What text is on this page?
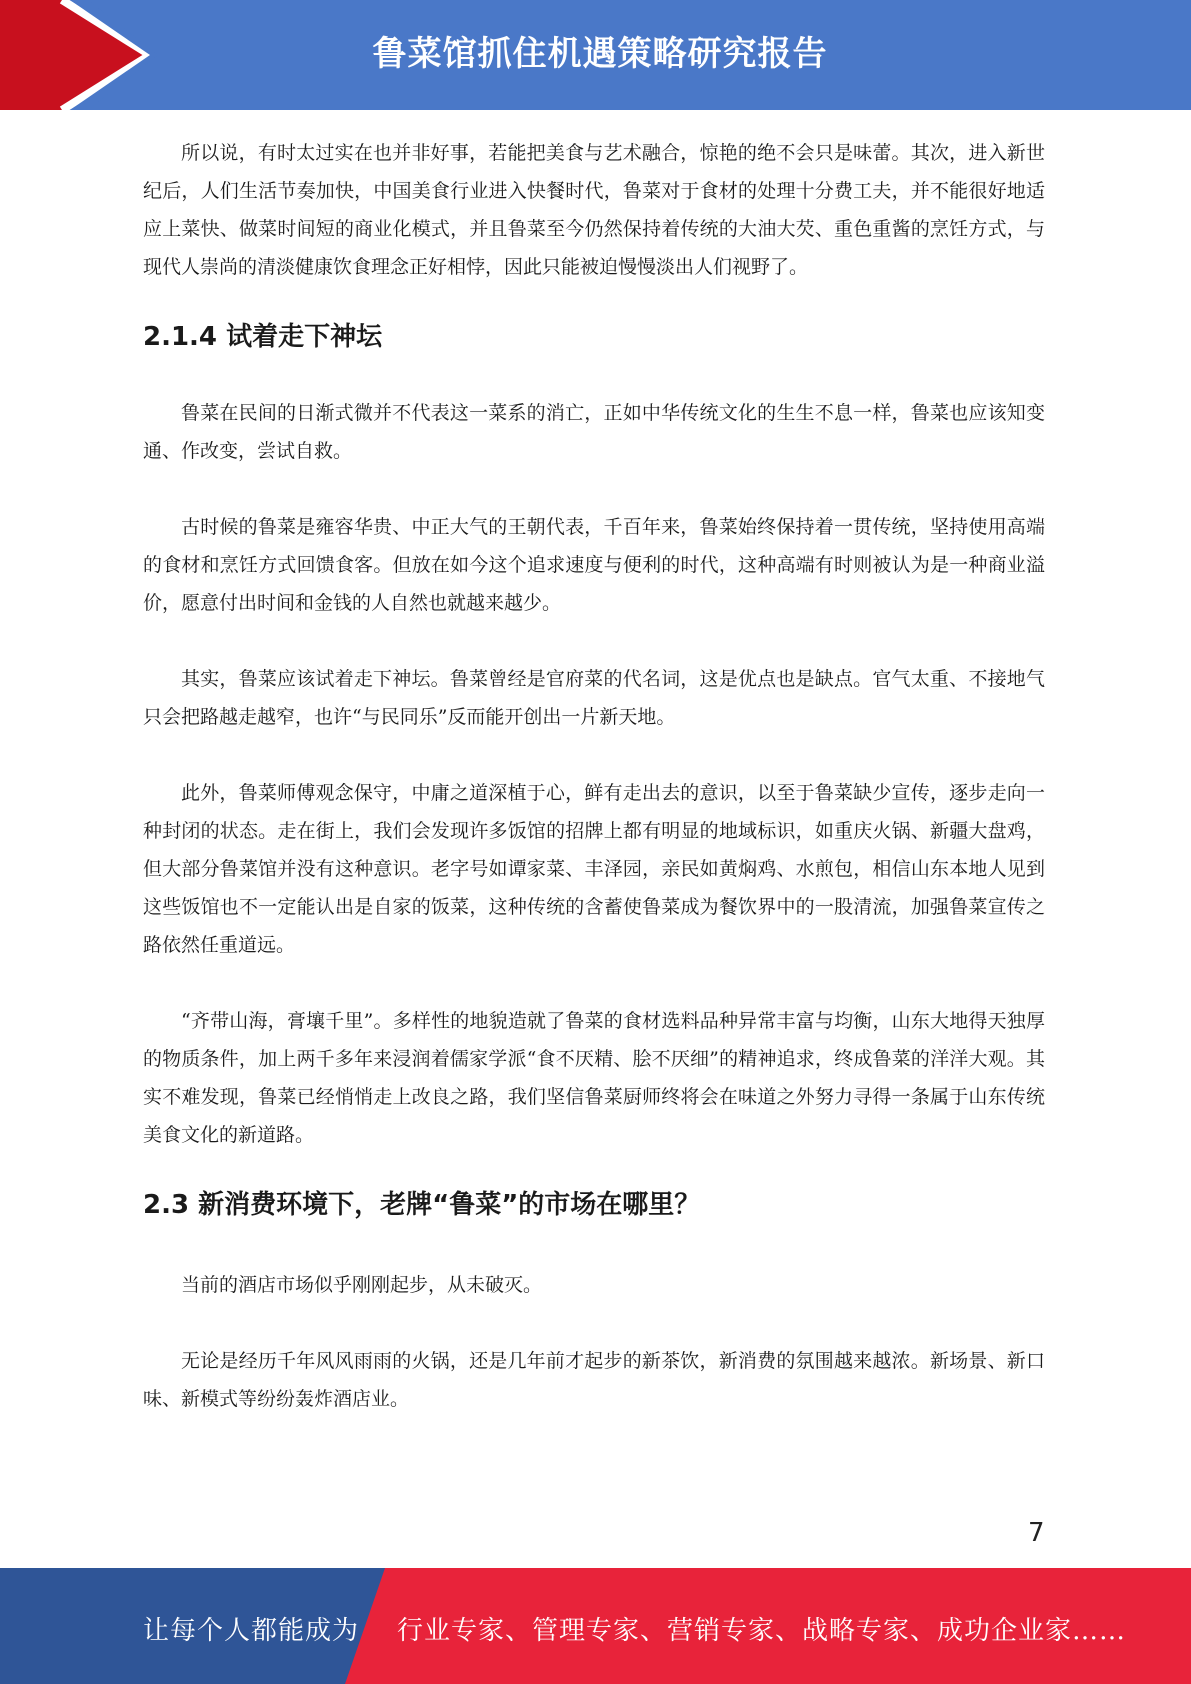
鲁菜馆抓住机遇策略研究报告

所以说，有时太过实在也并非好事，若能把美食与艺术融合，惊艳的绝不会只是味蕾。其次，进入新世纪后，人们生活节奏加快，中国美食行业进入快餐时代，鲁菜对于食材的处理十分费工夫，并不能很好地适应上菜快、做菜时间短的商业化模式，并且鲁菜至今仍然保持着传统的大油大芡、重色重酱的烹饪方式，与现代人崇尚的清淡健康饮食理念正好相悖，因此只能被迫慢慢淡出人们视野了。

2.1.4 试着走下神坛

鲁菜在民间的日渐式微并不代表这一菜系的消亡，正如中华传统文化的生生不息一样，鲁菜也应该知变通、作改变，尝试自救。

古时候的鲁菜是雍容华贵、中正大气的王朝代表，千百年来，鲁菜始终保持着一贯传统，坚持使用高端的食材和烹饪方式回馈食客。但放在如今这个追求速度与便利的时代，这种高端有时则被认为是一种商业溢价，愿意付出时间和金钱的人自然也就越来越少。

其实，鲁菜应该试着走下神坛。鲁菜曾经是官府菜的代名词，这是优点也是缺点。官气太重、不接地气只会把路越走越窄，也许“与民同乐”反而能开创出一片新天地。

此外，鲁菜师傅观念保守，中庸之道深植于心，鲜有走出去的意识，以至于鲁菜缺少宣传，逐步走向一种封闭的状态。走在街上，我们会发现许多饭馆的招牌上都有明显的地域标识，如重庆火锅、新疆大盘鸡，但大部分鲁菜馆并没有这种意识。老字号如谭家菜、丰泽园，亲民如黄焖鸡、水煎包，相信山东本地人见到这些饭馆也不一定能认出是自家的饭菜，这种传统的含蓄使鲁菜成为餐饮界中的一股清流，加强鲁菜宣传之路依然任重道远。

“齐带山海，膏壤千里”。多样性的地貌造就了鲁菜的食材选料品种异常丰富与均衡，山东大地得天独厚的物质条件，加上两千多年来浸润着儒家学派“食不厌精、脍不厌细”的精神追求，终成鲁菜的洋洋大观。其实不难发现，鲁菜已经悄悄走上改良之路，我们坚信鲁菜厨师终将会在味道之外努力寻得一条属于山东传统美食文化的新道路。

2.3 新消费环境下，老牌“鲁菜”的市场在哪里？

当前的酒店市场似乎刚刚起步，从未破灭。

无论是经历千年风风雨雨的火锅，还是几年前才起步的新茶饮，新消费的氛围越来越浓。新场景、新口味、新模式等纷纷轰炸酒店业。

7
让每个人都能成为 行业专家、管理专家、营销专家、战略专家、成功企业家……
